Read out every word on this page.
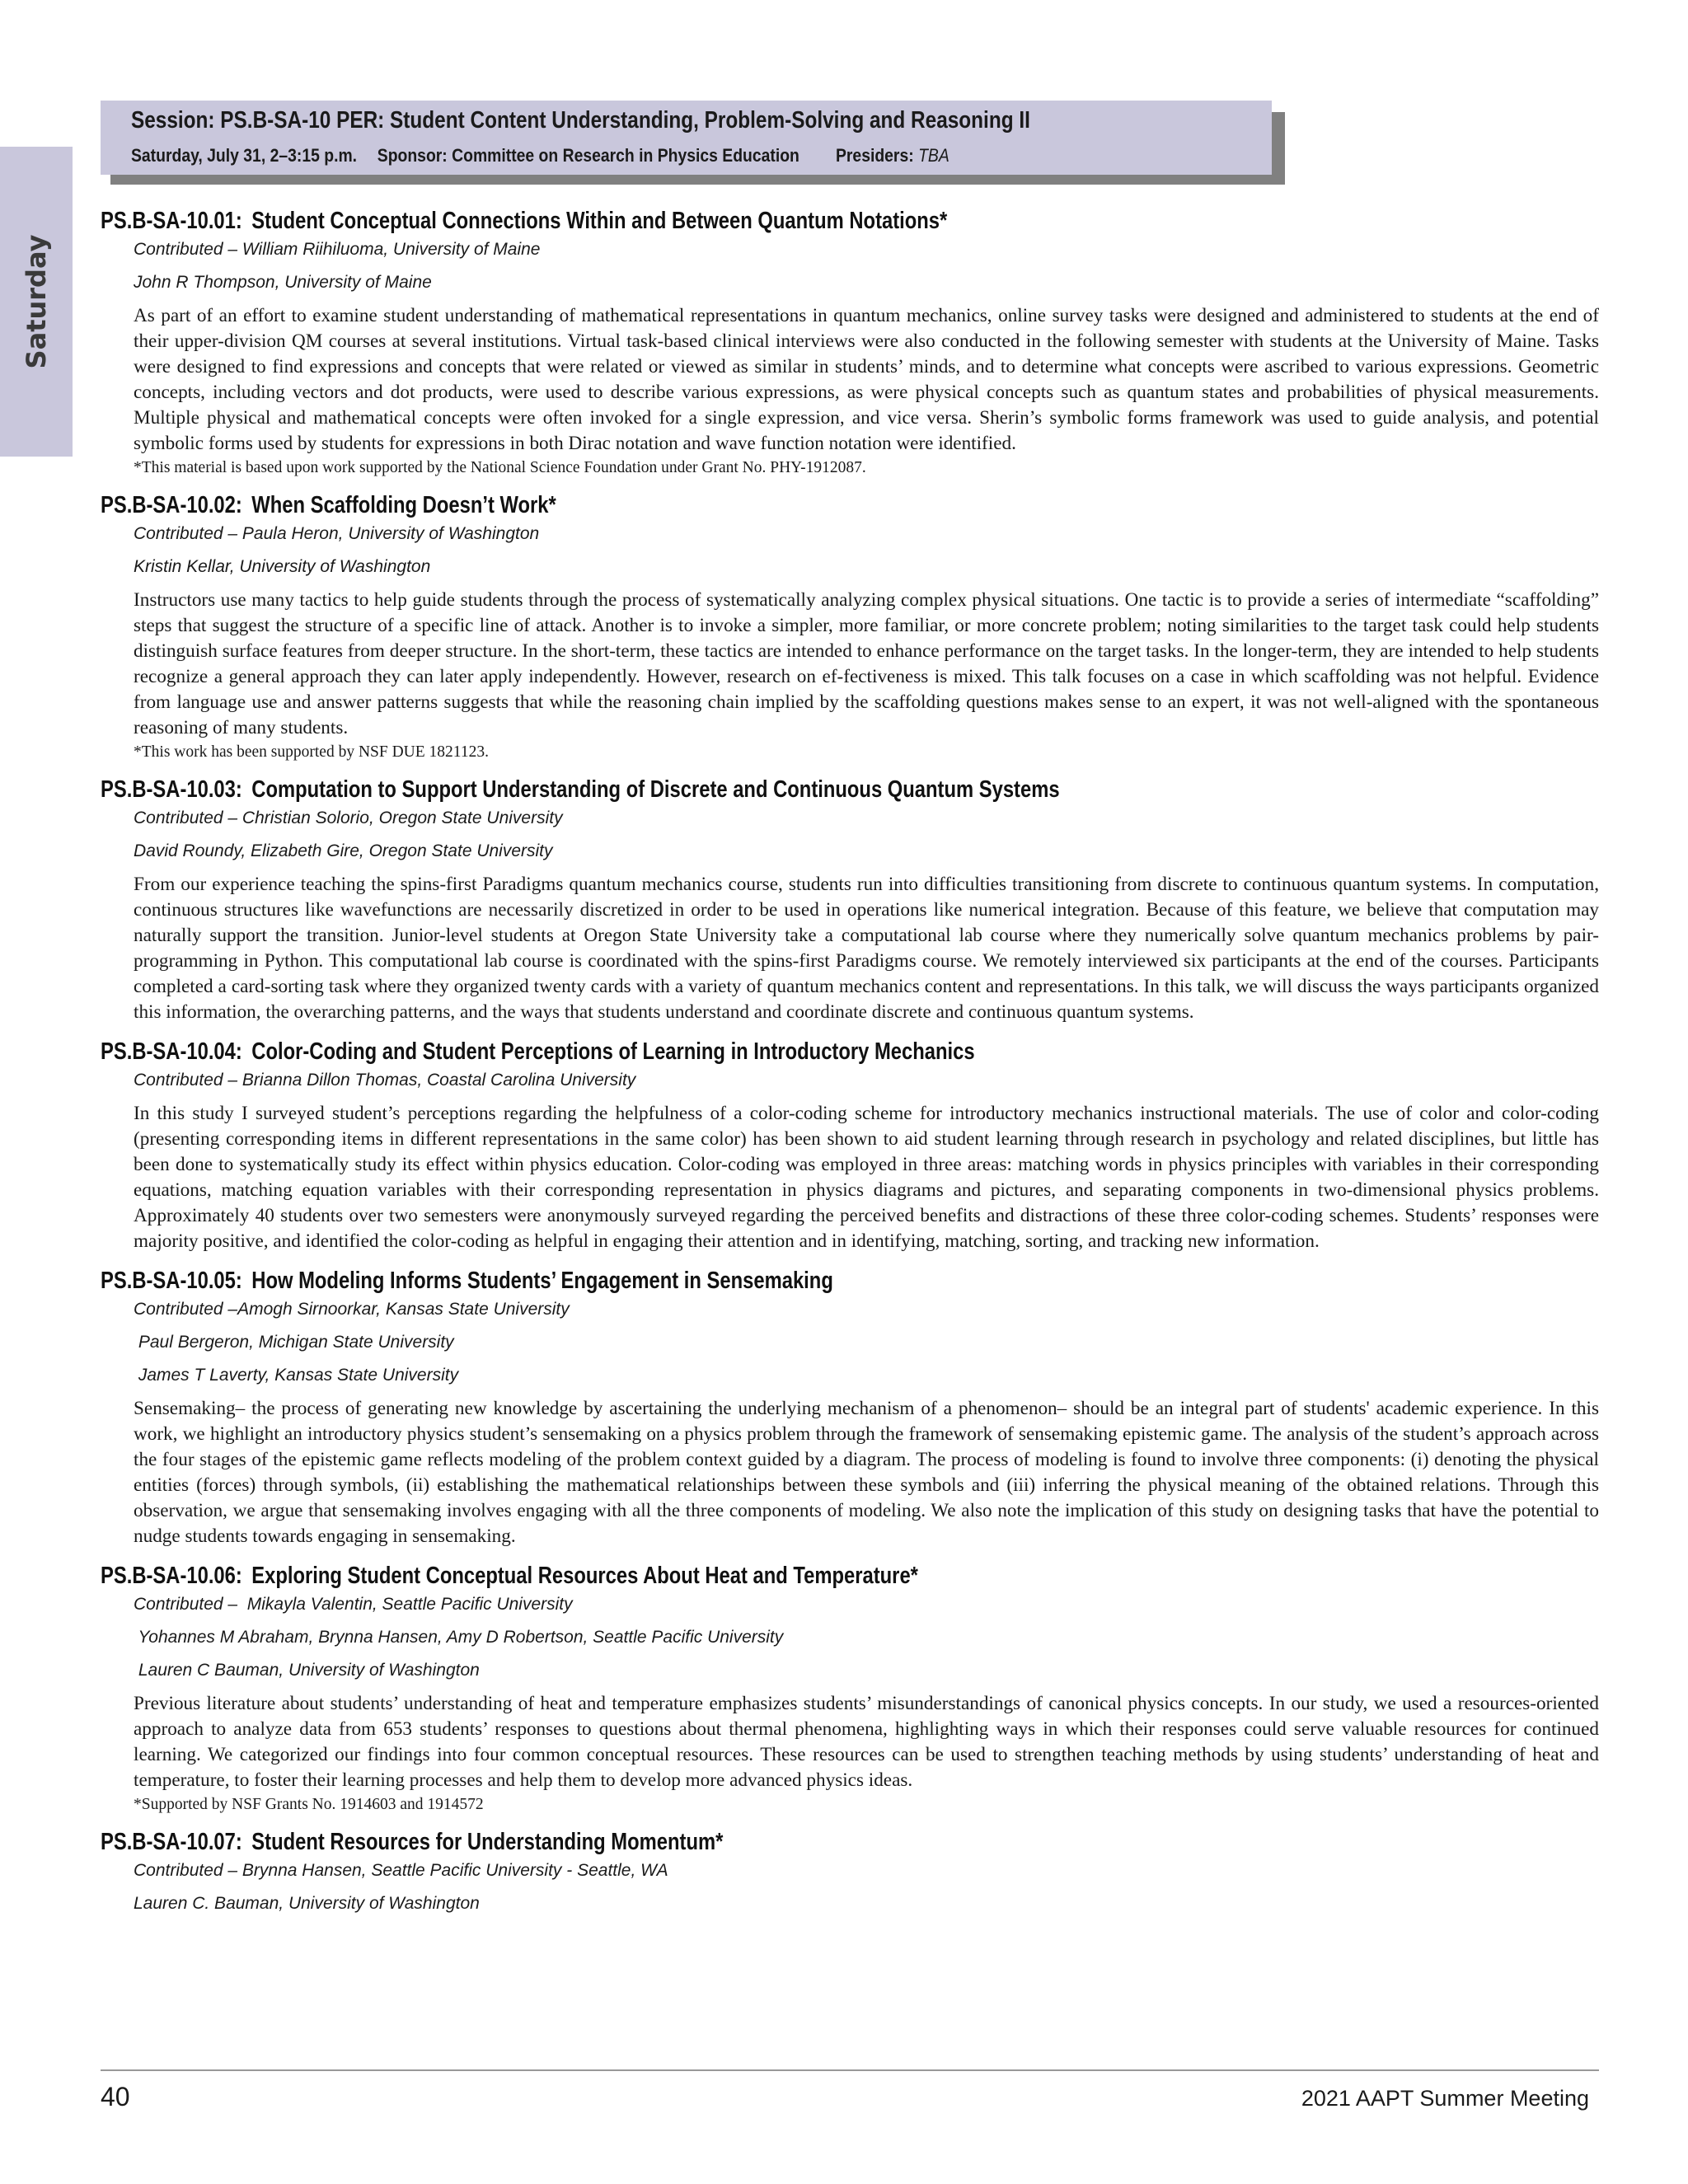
Saturday
Session: PS.B-SA-10 PER: Student Content Understanding, Problem-Solving and Reasoning II
Saturday, July 31, 2–3:15 p.m. Sponsor: Committee on Research in Physics Education Presiders: TBA
PS.B-SA-10.01: Student Conceptual Connections Within and Between Quantum Notations*
Contributed – William Riihiluoma, University of Maine
John R Thompson, University of Maine
As part of an effort to examine student understanding of mathematical representations in quantum mechanics, online survey tasks were designed and administered to students at the end of their upper-division QM courses at several institutions. Virtual task-based clinical interviews were also conducted in the following semester with students at the University of Maine. Tasks were designed to find expressions and concepts that were related or viewed as similar in students’ minds, and to determine what concepts were ascribed to various expressions. Geometric concepts, including vectors and dot products, were used to describe various expressions, as were physical concepts such as quantum states and probabilities of physical measurements. Multiple physical and mathematical concepts were often invoked for a single expression, and vice versa. Sherin’s symbolic forms framework was used to guide analysis, and potential symbolic forms used by students for expressions in both Dirac notation and wave function notation were identified.
*This material is based upon work supported by the National Science Foundation under Grant No. PHY-1912087.
PS.B-SA-10.02: When Scaffolding Doesn’t Work*
Contributed – Paula Heron, University of Washington
Kristin Kellar, University of Washington
Instructors use many tactics to help guide students through the process of systematically analyzing complex physical situations. One tactic is to provide a series of intermediate “scaffolding” steps that suggest the structure of a specific line of attack. Another is to invoke a simpler, more familiar, or more concrete problem; noting similarities to the target task could help students distinguish surface features from deeper structure. In the short-term, these tactics are intended to enhance performance on the target tasks. In the longer-term, they are intended to help students recognize a general approach they can later apply independently. However, research on ef-fectiveness is mixed. This talk focuses on a case in which scaffolding was not helpful. Evidence from language use and answer patterns suggests that while the reasoning chain implied by the scaffolding questions makes sense to an expert, it was not well-aligned with the spontaneous reasoning of many students.
*This work has been supported by NSF DUE 1821123.
PS.B-SA-10.03: Computation to Support Understanding of Discrete and Continuous Quantum Systems
Contributed – Christian Solorio, Oregon State University
David Roundy, Elizabeth Gire, Oregon State University
From our experience teaching the spins-first Paradigms quantum mechanics course, students run into difficulties transitioning from discrete to continuous quantum systems. In computation, continuous structures like wavefunctions are necessarily discretized in order to be used in operations like numerical integration. Because of this feature, we believe that computation may naturally support the transition. Junior-level students at Oregon State University take a computational lab course where they numerically solve quantum mechanics problems by pair-programming in Python. This computational lab course is coordinated with the spins-first Paradigms course. We remotely interviewed six participants at the end of the courses. Participants completed a card-sorting task where they organized twenty cards with a variety of quantum mechanics content and representations. In this talk, we will discuss the ways participants organized this information, the overarching patterns, and the ways that students understand and coordinate discrete and continuous quantum systems.
PS.B-SA-10.04: Color-Coding and Student Perceptions of Learning in Introductory Mechanics
Contributed – Brianna Dillon Thomas, Coastal Carolina University
In this study I surveyed student’s perceptions regarding the helpfulness of a color-coding scheme for introductory mechanics instructional materials. The use of color and color-coding (presenting corresponding items in different representations in the same color) has been shown to aid student learning through research in psychology and related disciplines, but little has been done to systematically study its effect within physics education. Color-coding was employed in three areas: matching words in physics principles with variables in their corresponding equations, matching equation variables with their corresponding representation in physics diagrams and pictures, and separating components in two-dimensional physics problems. Approximately 40 students over two semesters were anonymously surveyed regarding the perceived benefits and distractions of these three color-coding schemes. Students’ responses were majority positive, and identified the color-coding as helpful in engaging their attention and in identifying, matching, sorting, and tracking new information.
PS.B-SA-10.05: How Modeling Informs Students’ Engagement in Sensemaking
Contributed –Amogh Sirnoorkar, Kansas State University
Paul Bergeron, Michigan State University
James T Laverty, Kansas State University
Sensemaking– the process of generating new knowledge by ascertaining the underlying mechanism of a phenomenon– should be an integral part of students' academic experience. In this work, we highlight an introductory physics student’s sensemaking on a physics problem through the framework of sensemaking epistemic game. The analysis of the student’s approach across the four stages of the epistemic game reflects modeling of the problem context guided by a diagram. The process of modeling is found to involve three components: (i) denoting the physical entities (forces) through symbols, (ii) establishing the mathematical relationships between these symbols and (iii) inferring the physical meaning of the obtained relations. Through this observation, we argue that sensemaking involves engaging with all the three components of modeling. We also note the implication of this study on designing tasks that have the potential to nudge students towards engaging in sensemaking.
PS.B-SA-10.06: Exploring Student Conceptual Resources About Heat and Temperature*
Contributed –  Mikayla Valentin, Seattle Pacific University
Yohannes M Abraham, Brynna Hansen, Amy D Robertson, Seattle Pacific University
Lauren C Bauman, University of Washington
Previous literature about students’ understanding of heat and temperature emphasizes students’ misunderstandings of canonical physics concepts. In our study, we used a resources-oriented approach to analyze data from 653 students’ responses to questions about thermal phenomena, highlighting ways in which their responses could serve valuable resources for continued learning. We categorized our findings into four common conceptual resources. These resources can be used to strengthen teaching methods by using students’ understanding of heat and temperature, to foster their learning processes and help them to develop more advanced physics ideas.
*Supported by NSF Grants No. 1914603 and 1914572
PS.B-SA-10.07: Student Resources for Understanding Momentum*
Contributed – Brynna Hansen, Seattle Pacific University - Seattle, WA
Lauren C. Bauman, University of Washington
40	2021 AAPT Summer Meeting
